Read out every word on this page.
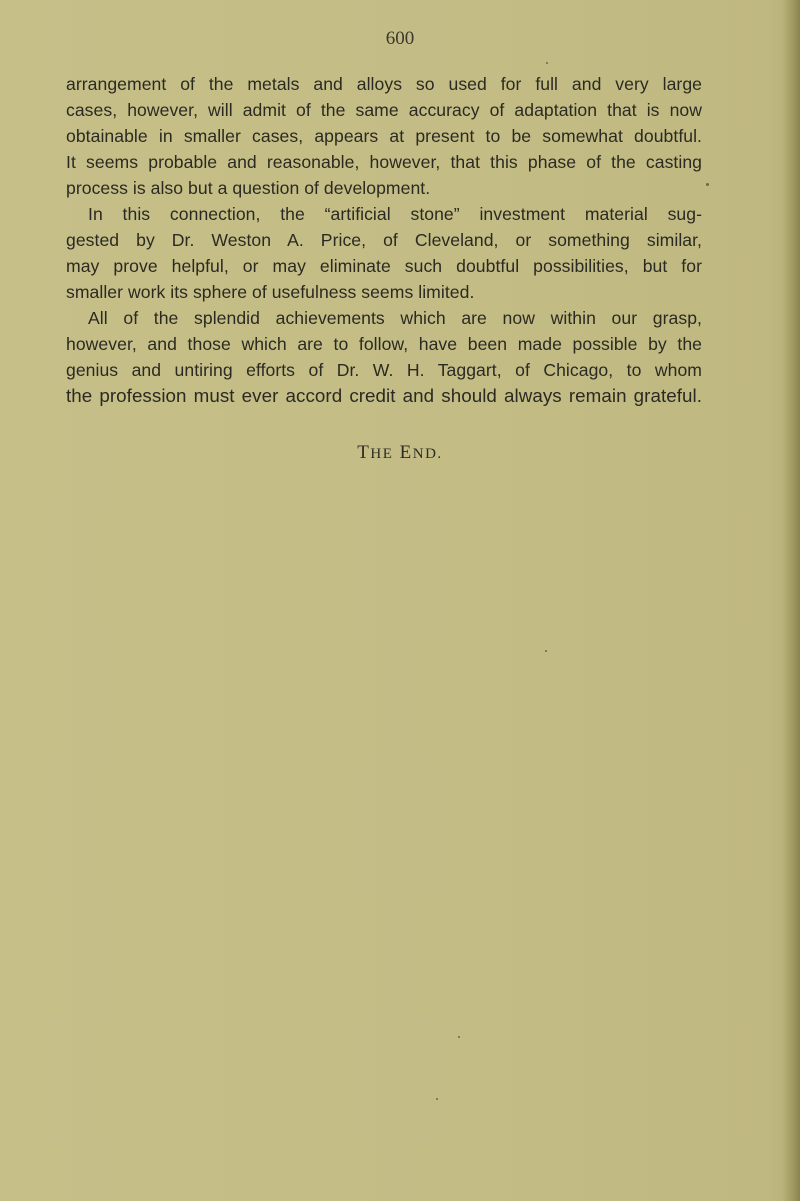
600
arrangement of the metals and alloys so used for full and very large
cases, however, will admit of the same accuracy of adaptation that is now
obtainable in smaller cases, appears at present to be somewhat doubtful.
It seems probable and reasonable, however, that this phase of the casting
process is also but a question of development.
In this connection, the “artificial stone” investment material sug-
gested by Dr. Weston A. Price, of Cleveland, or something similar,
may prove helpful, or may eliminate such doubtful possibilities, but for
smaller work its sphere of usefulness seems limited.
All of the splendid achievements which are now within our grasp,
however, and those which are to follow, have been made possible by the
genius and untiring efforts of Dr. W. H. Taggart, of Chicago, to whom
the profession must ever accord credit and should always remain grateful.
THE END.
